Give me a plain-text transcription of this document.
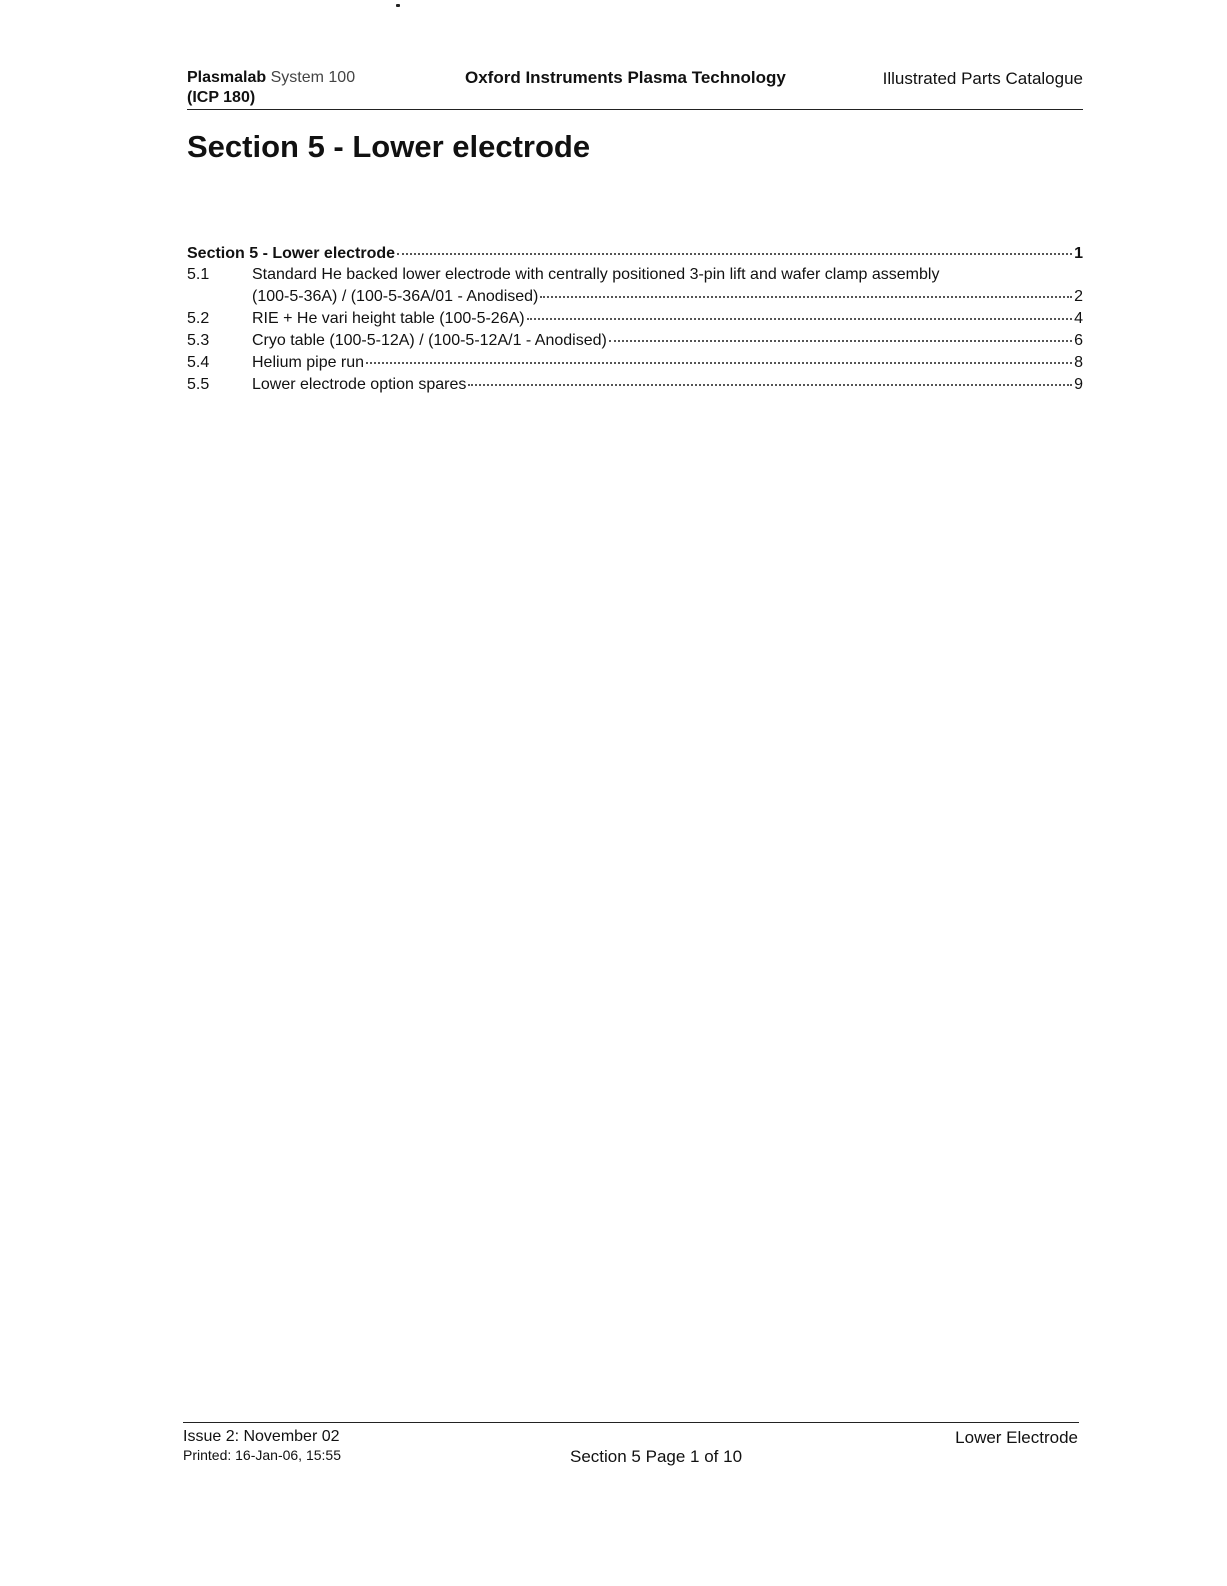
Plasmalab System 100
(ICP 180)
Oxford Instruments Plasma Technology	Illustrated Parts Catalogue
Section 5 - Lower electrode
Section 5 - Lower electrode	1
5.1	Standard He backed lower electrode with centrally positioned 3-pin lift and wafer clamp assembly
(100-5-36A) / (100-5-36A/01 - Anodised)	2
5.2	RIE + He vari height table (100-5-26A)	4
5.3	Cryo table (100-5-12A) / (100-5-12A/1 - Anodised)	6
5.4	Helium pipe run	8
5.5	Lower electrode option spares	9
Issue 2: November 02
Printed: 16-Jan-06, 15:55	Section 5 Page 1 of 10
Lower Electrode
